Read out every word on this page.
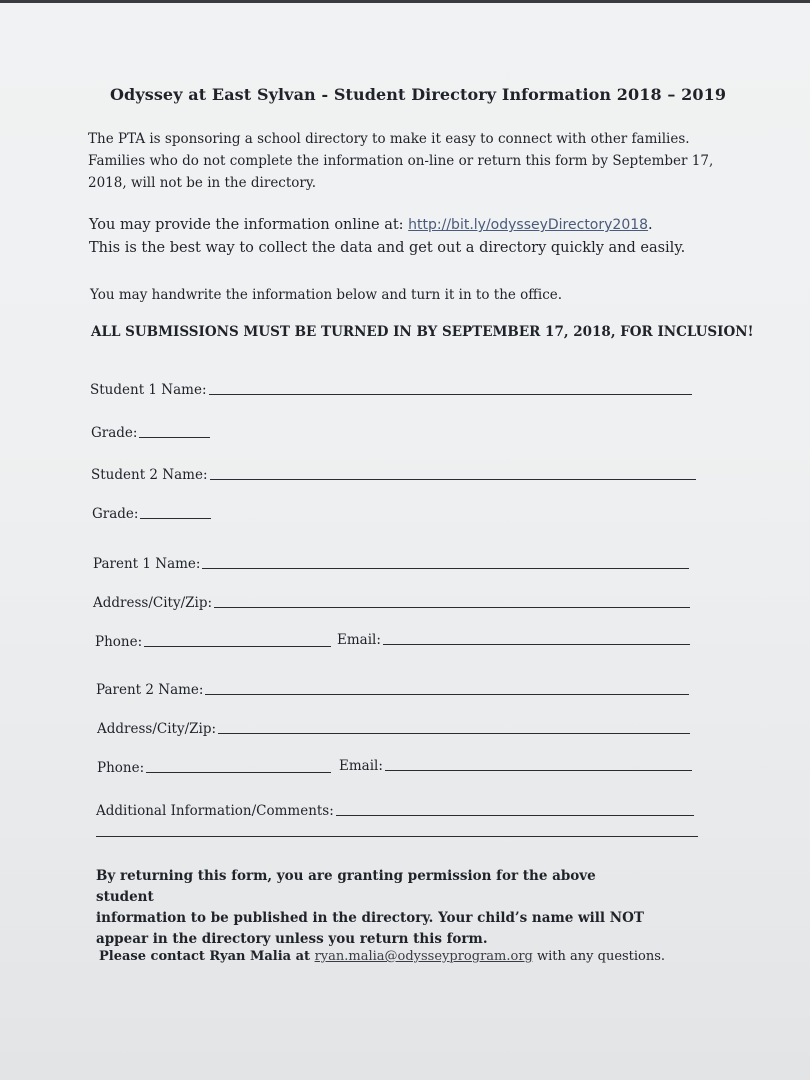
Odyssey at East Sylvan - Student Directory Information 2018 – 2019
The PTA is sponsoring a school directory to make it easy to connect with other families.
Families who do not complete the information on-line or return this form by September 17,
2018, will not be in the directory.
You may provide the information online at: http://bit.ly/odysseyDirectory2018.
This is the best way to collect the data and get out a directory quickly and easily.
You may handwrite the information below and turn it in to the office.
ALL SUBMISSIONS MUST BE TURNED IN BY SEPTEMBER 17, 2018, FOR INCLUSION!
Student 1 Name:
Grade:
Student 2 Name:
Grade:
Parent 1 Name:
Address/City/Zip:
Phone:	Email:
Parent 2 Name:
Address/City/Zip:
Phone:	Email:
Additional Information/Comments:
By returning this form, you are granting permission for the above student
information to be published in the directory. Your child’s name will NOT
appear in the directory unless you return this form.
Please contact Ryan Malia at ryan.malia@odysseyprogram.org with any questions.
